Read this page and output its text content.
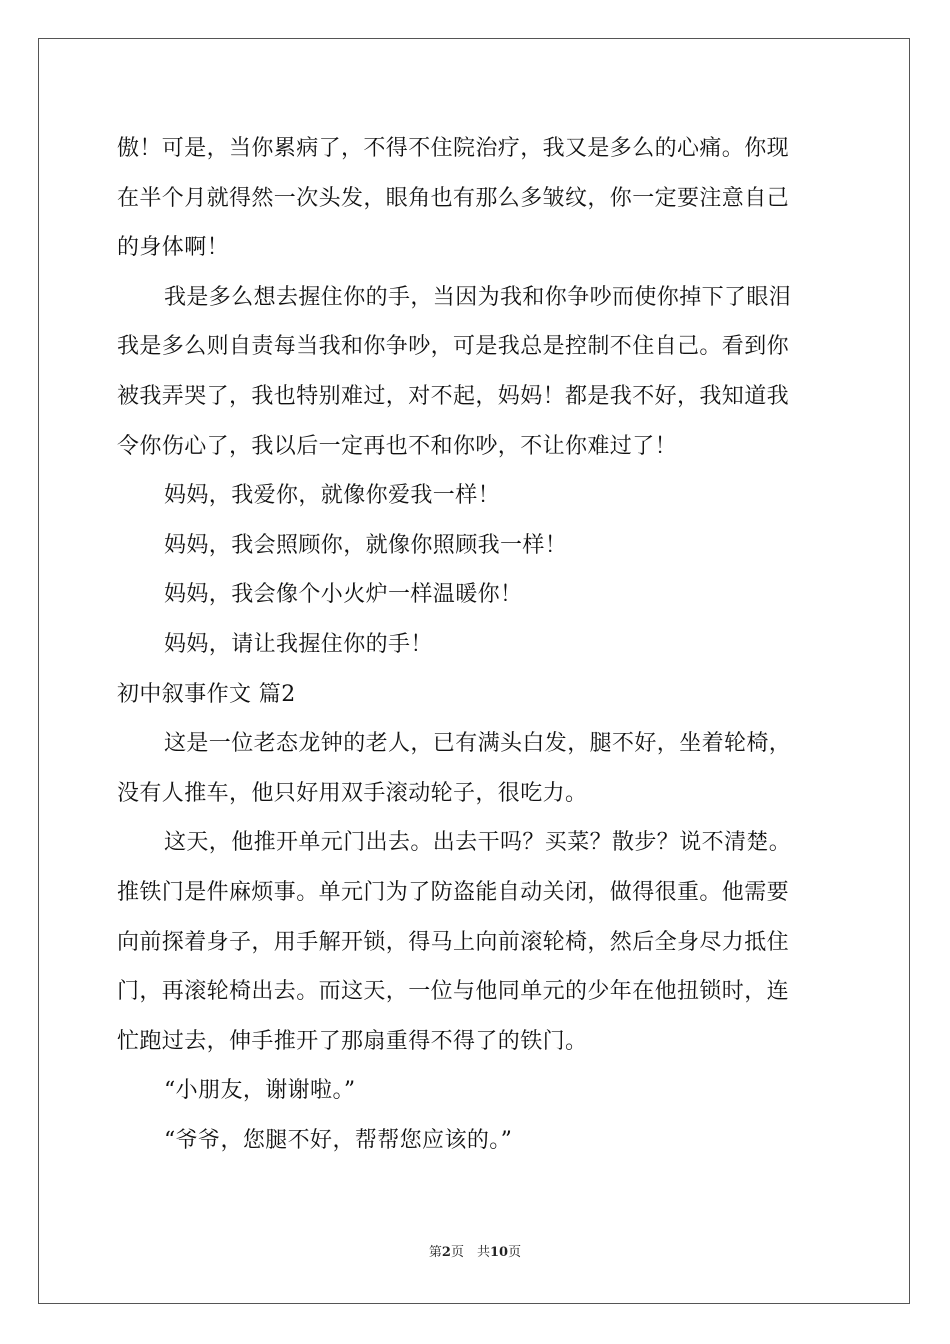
傲！可是，当你累病了，不得不住院治疗，我又是多么的心痛。你现
在半个月就得然一次头发，眼角也有那么多皱纹，你一定要注意自己
的身体啊！
我是多么想去握住你的手，当因为我和你争吵而使你掉下了眼泪
我是多么则自责每当我和你争吵，可是我总是控制不住自己。看到你
被我弄哭了，我也特别难过，对不起，妈妈！都是我不好，我知道我
令你伤心了，我以后一定再也不和你吵，不让你难过了！
妈妈，我爱你，就像你爱我一样！
妈妈，我会照顾你，就像你照顾我一样！
妈妈，我会像个小火炉一样温暖你！
妈妈，请让我握住你的手！
初中叙事作文 篇2
这是一位老态龙钟的老人，已有满头白发，腿不好，坐着轮椅，
没有人推车，他只好用双手滚动轮子，很吃力。
这天，他推开单元门出去。出去干吗？买菜？散步？说不清楚。
推铁门是件麻烦事。单元门为了防盗能自动关闭，做得很重。他需要
向前探着身子，用手解开锁，得马上向前滚轮椅，然后全身尽力抵住
门，再滚轮椅出去。而这天，一位与他同单元的少年在他扭锁时，连
忙跑过去，伸手推开了那扇重得不得了的铁门。
“小朋友，谢谢啦。”
“爷爷，您腿不好，帮帮您应该的。”
第2页　共10页
